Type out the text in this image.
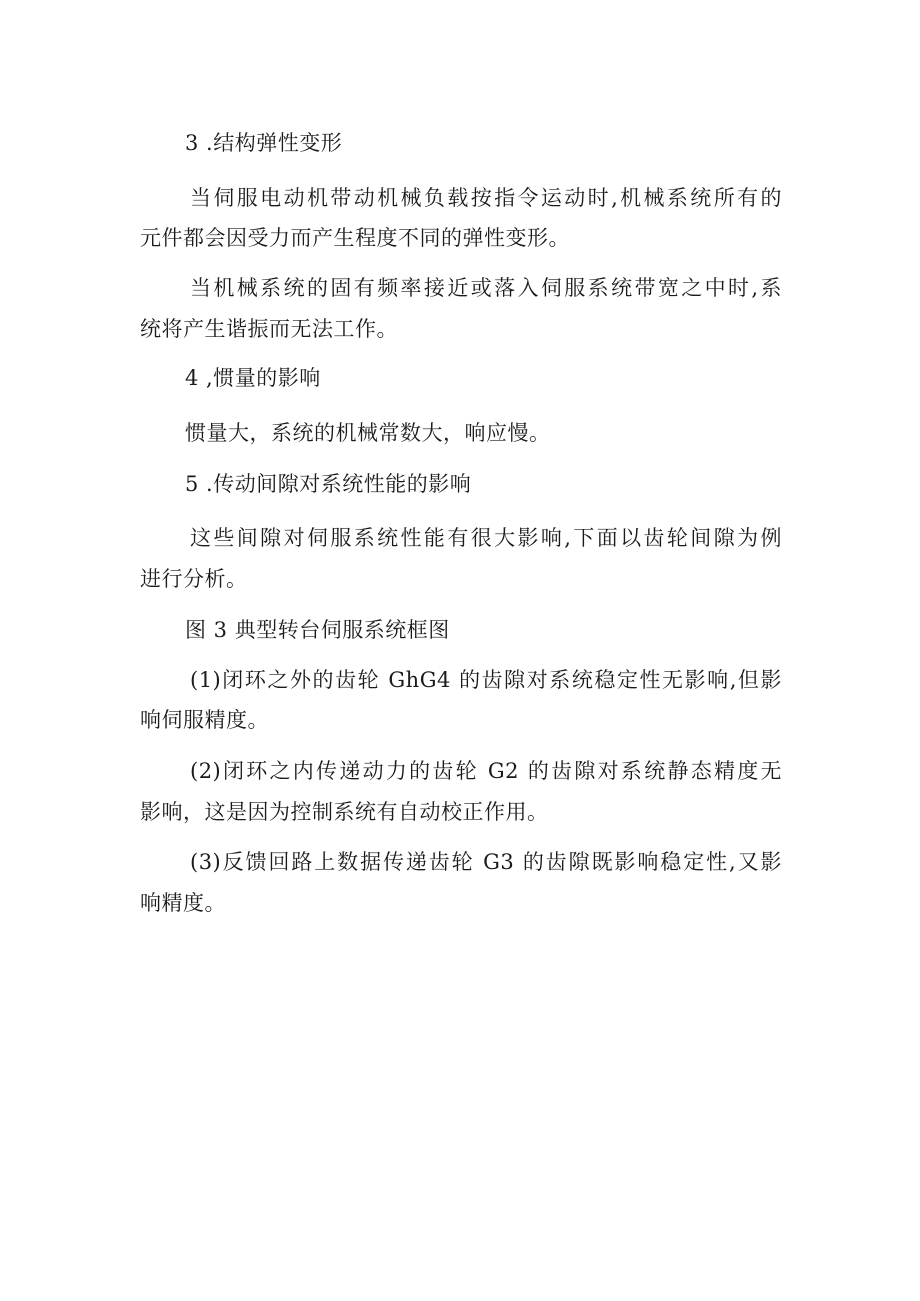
3 .结构弹性变形
当伺服电动机带动机械负载按指令运动时,机械系统所有的
元件都会因受力而产生程度不同的弹性变形。
当机械系统的固有频率接近或落入伺服系统带宽之中时,系
统将产生谐振而无法工作。
4 ,惯量的影响
惯量大，系统的机械常数大，响应慢。
5 .传动间隙对系统性能的影响
这些间隙对伺服系统性能有很大影响,下面以齿轮间隙为例
进行分析。
图 3 典型转台伺服系统框图
(1)闭环之外的齿轮 GhG4 的齿隙对系统稳定性无影响,但影
响伺服精度。
(2)闭环之内传递动力的齿轮 G2 的齿隙对系统静态精度无
影响，这是因为控制系统有自动校正作用。
(3)反馈回路上数据传递齿轮 G3 的齿隙既影响稳定性,又影
响精度。
